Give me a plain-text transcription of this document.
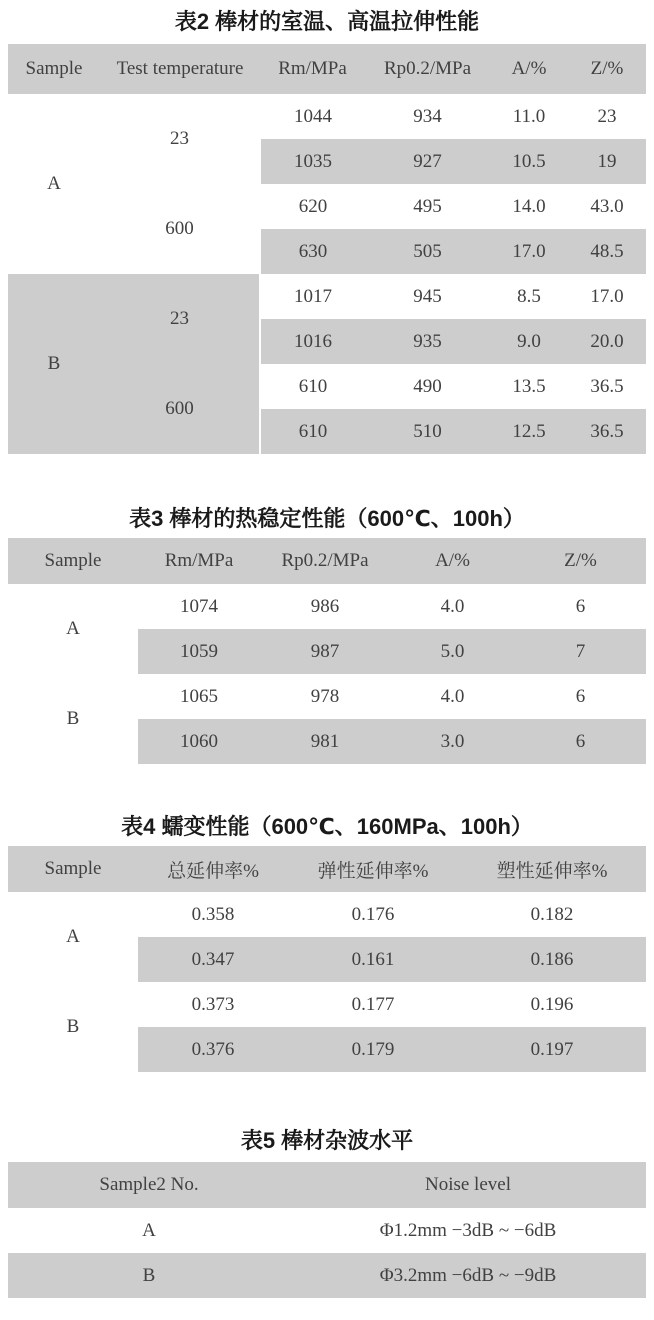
表2 棒材的室温、高温拉伸性能
Sample	Test temperature	Rm/MPa	Rp0.2/MPa	A/%	Z/%
A	23	1044	934	11.0	23
		1035	927	10.5	19
	600	620	495	14.0	43.0
		630	505	17.0	48.5
B	23	1017	945	8.5	17.0
		1016	935	9.0	20.0
	600	610	490	13.5	36.5
		610	510	12.5	36.5
表3 棒材的热稳定性能（600℃、100h）
Sample	Rm/MPa	Rp0.2/MPa	A/%	Z/%
A	1074	986	4.0	6
	1059	987	5.0	7
B	1065	978	4.0	6
	1060	981	3.0	6
表4 蠕变性能（600℃、160MPa、100h）
Sample	总延伸率%	弹性延伸率%	塑性延伸率%
A	0.358	0.176	0.182
	0.347	0.161	0.186
B	0.373	0.177	0.196
	0.376	0.179	0.197
表5 棒材杂波水平
Sample2 No.	Noise level
A	Φ1.2mm −3dB ~ −6dB
B	Φ3.2mm −6dB ~ −9dB
